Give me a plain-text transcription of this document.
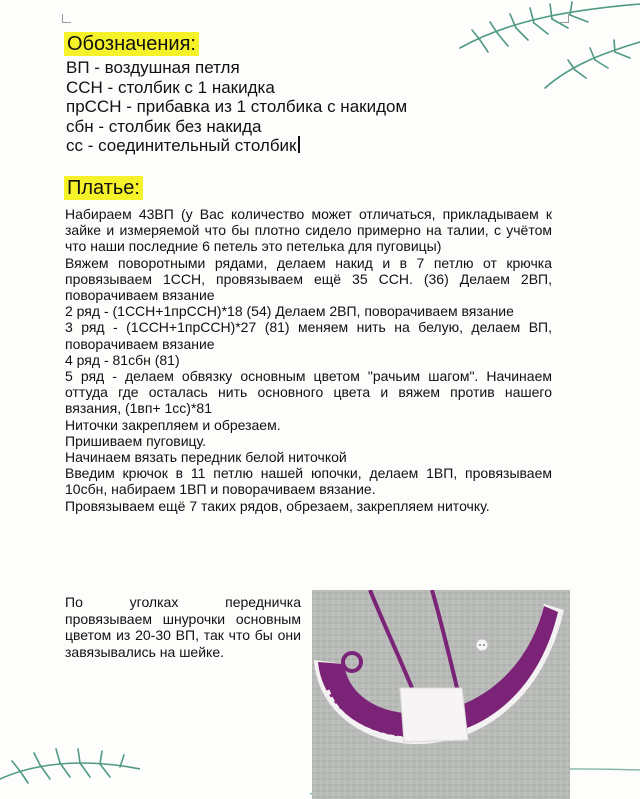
Обозначения:
ВП - воздушная петля
ССН - столбик с 1 накидка
прССН - прибавка из 1 столбика с накидом
сбн - столбик без накида
сс - соединительный столбик
Платье:

Набираем 43ВП (у Вас количество может отличаться, прикладываем к зайке и измеряемой что бы плотно сидело примерно на талии, с учётом что наши последние 6 петель это петелька для пуговицы)

Вяжем поворотными рядами, делаем накид и в 7 петлю от крючка провязываем 1ССН, провязываем ещё 35 ССН. (36) Делаем 2ВП, поворачиваем вязание

2 ряд - (1ССН+1прССН)*18 (54) Делаем 2ВП, поворачиваем вязание

3 ряд - (1ССН+1прССН)*27 (81) меняем нить на белую, делаем ВП, поворачиваем вязание

4 ряд - 81сбн (81)

5 ряд - делаем обвязку основным цветом "рачьим шагом". Начинаем оттуда где осталась нить основного цвета и вяжем против нашего вязания, (1вп+ 1сс)*81

Ниточки закрепляем и обрезаем.

Пришиваем пуговицу.

Начинаем вязать передник белой ниточкой

Введим крючок в 11 петлю нашей юпочки, делаем 1ВП, провязываем 10сбн, набираем 1ВП и поворачиваем вязание.

Провязываем ещё 7 таких рядов, обрезаем, закрепляем ниточку.

По уголках передничка провязываем шнурочки основным цветом из 20-30 ВП, так что бы они завязывались на шейке.
